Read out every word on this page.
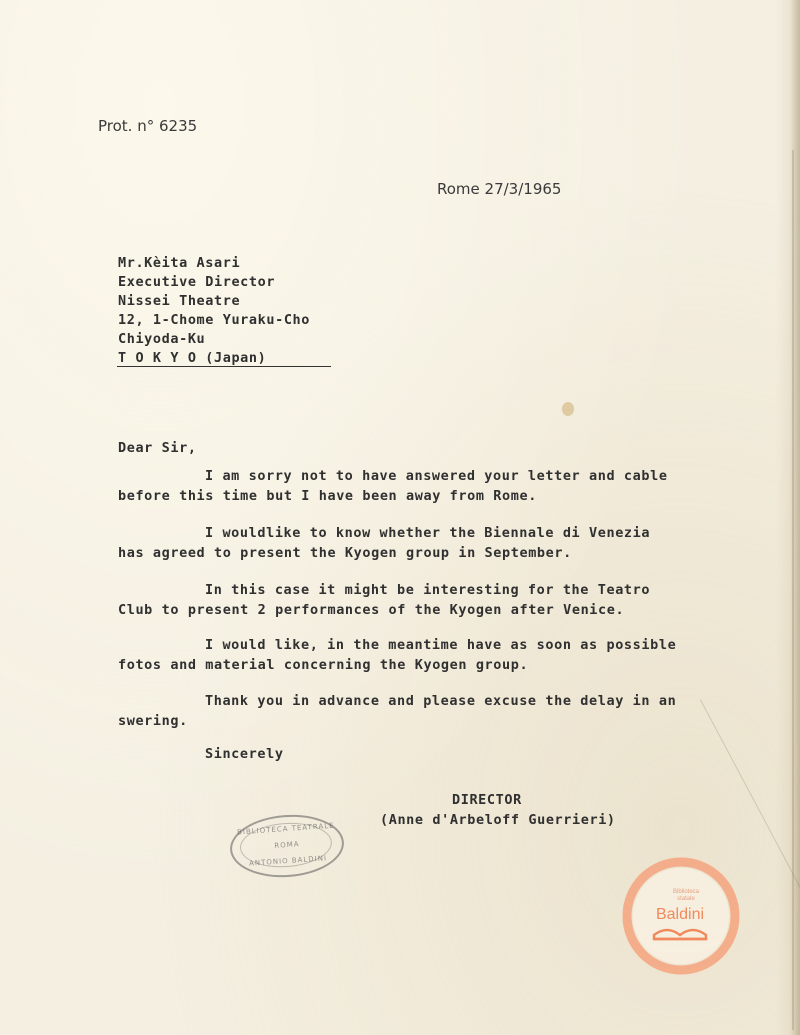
Prot. n° 6235
Rome 27/3/1965
Mr.Kèita Asari
Executive Director
Nissei Theatre
12, 1-Chome Yuraku-Cho
Chiyoda-Ku
T O K Y O (Japan)
Dear Sir,
I am sorry not to have answered your letter and cable
before this time but I have been away from Rome.
I wouldlike to know whether the Biennale di Venezia
has agreed to present the Kyogen group in September.
In this case it might be interesting for the Teatro
Club to present 2 performances of the Kyogen after Venice.
I would like, in the meantime have as soon as possible
fotos and material concerning the Kyogen group.
Thank you in advance and please excuse the delay in an
swering.
Sincerely
DIRECTOR
(Anne d'Arbeloff Guerrieri)
BIBLIOTECA TEATRALE
ROMA
ANTONIO BALDINI
Biblioteca
statale
Baldini
